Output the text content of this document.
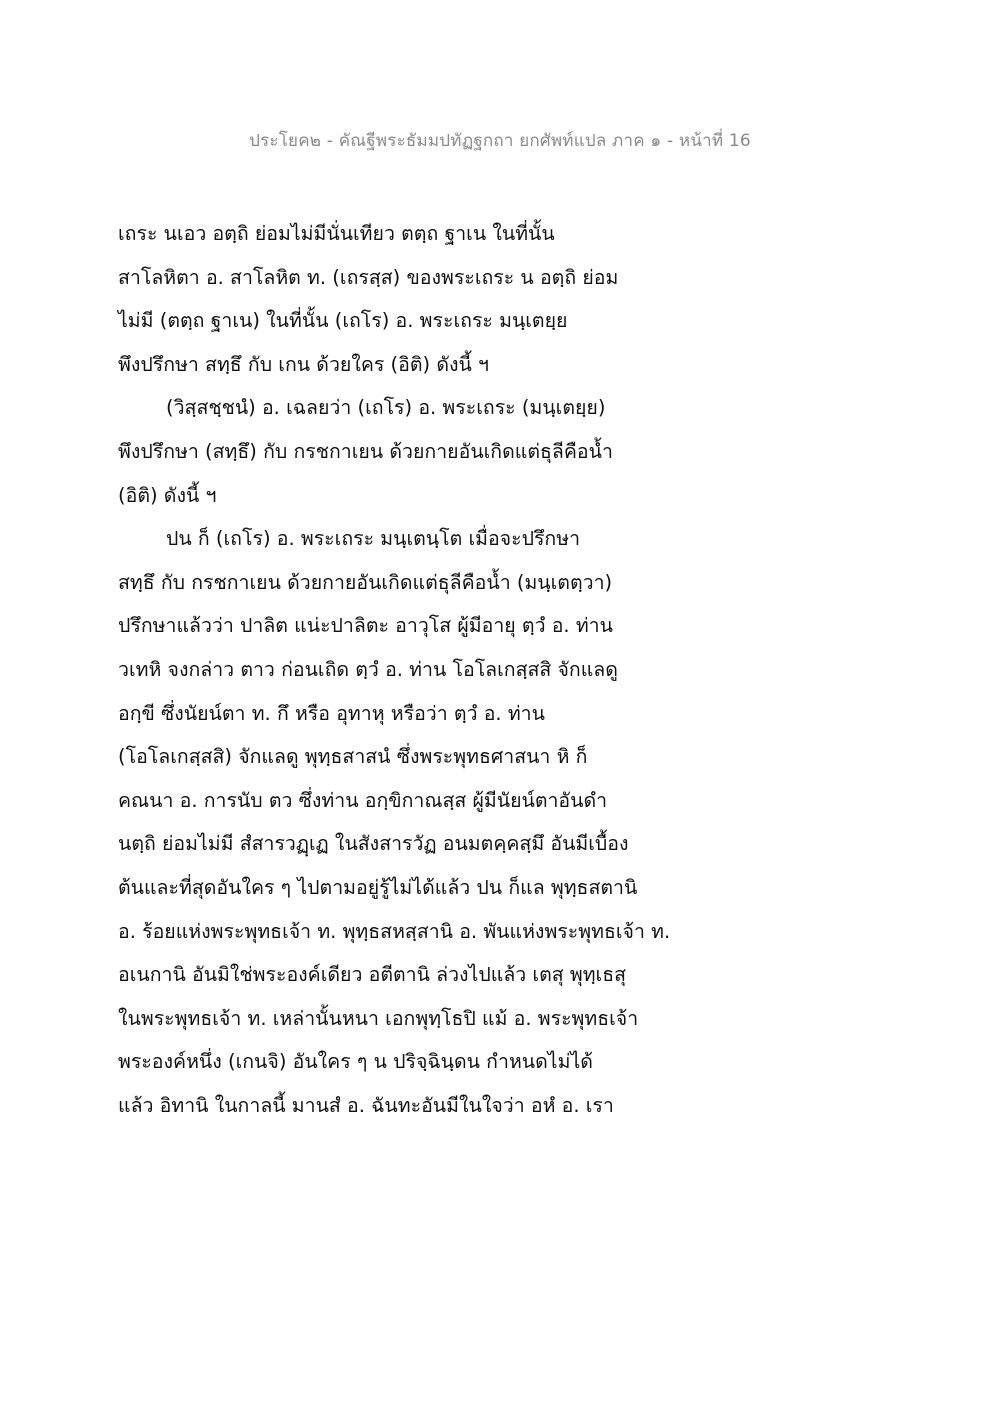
ประโยค๒ - คัณฐีพระธัมมปทัฏฐกถา ยกศัพท์แปล ภาค ๑ - หน้าที่ 16
เถระ นเอว อตฺถิ ย่อมไม่มีนั่นเทียว ตตฺถ ฐาเน ในที่นั้น
สาโลหิตา อ. สาโลหิต ท. (เถรสฺส) ของพระเถระ น อตฺถิ ย่อม
ไม่มี (ตตฺถ ฐาเน) ในที่นั้น (เถโร) อ. พระเถระ มนฺเตยฺย
พึงปรึกษา สทฺธึ กับ เกน ด้วยใคร (อิติ) ดังนี้ ฯ
(วิสฺสชฺชนํ) อ. เฉลยว่า (เถโร) อ. พระเถระ (มนฺเตยฺย)
พึงปรึกษา (สทฺธึ) กับ กรชกาเยน ด้วยกายอันเกิดแต่ธุลีคือน้ำ
(อิติ) ดังนี้ ฯ
ปน ก็ (เถโร) อ. พระเถระ มนฺเตนฺโต เมื่อจะปรึกษา
สทฺธึ กับ กรชกาเยน ด้วยกายอันเกิดแต่ธุลีคือน้ำ (มนฺเตตฺวา)
ปรึกษาแล้วว่า ปาลิต แน่ะปาลิตะ อาวุโส ผู้มีอายุ ตฺวํ อ. ท่าน
วเทหิ จงกล่าว ตาว ก่อนเถิด ตฺวํ อ. ท่าน โอโลเกสฺสสิ จักแลดู
อกฺขี ซึ่งนัยน์ตา ท. กึ หรือ อุทาหุ หรือว่า ตฺวํ อ. ท่าน
(โอโลเกสฺสสิ) จักแลดู พุทฺธสาสนํ ซึ่งพระพุทธศาสนา หิ ก็
คณนา อ. การนับ ตว ซึ่งท่าน อกฺขิกาณสฺส ผู้มีนัยน์ตาอันดำ
นตฺถิ ย่อมไม่มี สํสารวฏฺเฏ ในสังสารวัฏ อนมตคฺคสฺมึ อันมีเบื้อง
ต้นและที่สุดอันใคร ๆ ไปตามอยู่รู้ไม่ได้แล้ว ปน ก็แล พุทฺธสตานิ
อ. ร้อยแห่งพระพุทธเจ้า ท. พุทฺธสหสฺสานิ อ. พันแห่งพระพุทธเจ้า ท.
อเนกานิ อันมิใช่พระองค์เดียว อตีตานิ ล่วงไปแล้ว เตสุ พุทฺเธสุ
ในพระพุทธเจ้า ท. เหล่านั้นหนา เอกพุทฺโธปิ แม้ อ. พระพุทธเจ้า
พระองค์หนึ่ง (เกนจิ) อันใคร ๆ น ปริจฺฉินฺดน กำหนดไม่ได้
แล้ว อิทานิ ในกาลนี้ มานสํ อ. ฉันทะอันมีในใจว่า อหํ อ. เรา
